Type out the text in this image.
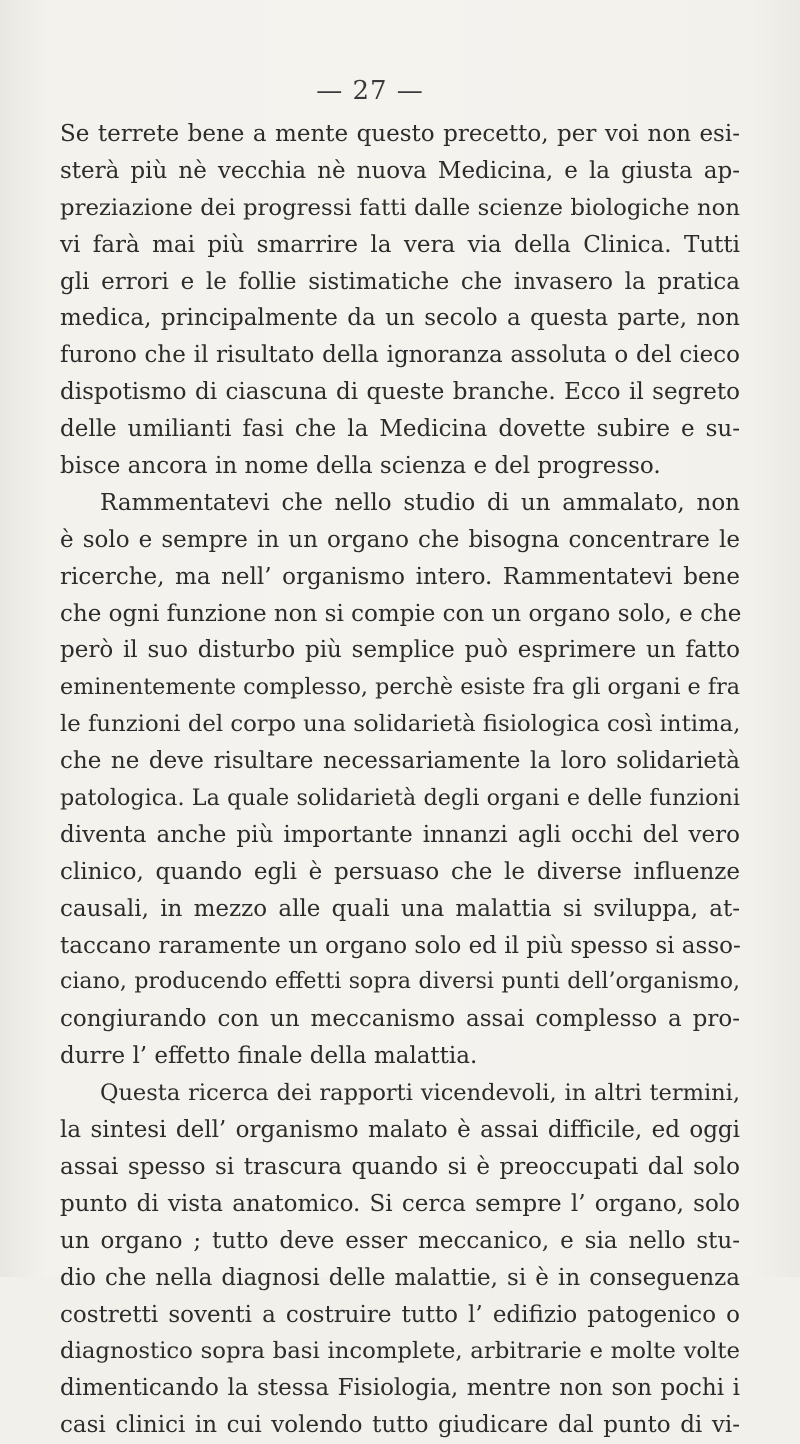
— 27 —
Se terrete bene a mente questo precetto, per voi non esi-
sterà più nè vecchia nè nuova Medicina, e la giusta ap-
preziazione dei progressi fatti dalle scienze biologiche non
vi farà mai più smarrire la vera via della Clinica. Tutti
gli errori e le follie sistimatiche che invasero la pratica
medica, principalmente da un secolo a questa parte, non
furono che il risultato della ignoranza assoluta o del cieco
dispotismo di ciascuna di queste branche. Ecco il segreto
delle umilianti fasi che la Medicina dovette subire e su-
bisce ancora in nome della scienza e del progresso.
Rammentatevi che nello studio di un ammalato, non
è solo e sempre in un organo che bisogna concentrare le
ricerche, ma nell’ organismo intero. Rammentatevi bene
che ogni funzione non si compie con un organo solo, e che
però il suo disturbo più semplice può esprimere un fatto
eminentemente complesso, perchè esiste fra gli organi e fra
le funzioni del corpo una solidarietà fisiologica così intima,
che ne deve risultare necessariamente la loro solidarietà
patologica. La quale solidarietà degli organi e delle funzioni
diventa anche più importante innanzi agli occhi del vero
clinico, quando egli è persuaso che le diverse influenze
causali, in mezzo alle quali una malattia si sviluppa, at-
taccano raramente un organo solo ed il più spesso si asso-
ciano, producendo effetti sopra diversi punti dell’organismo,
congiurando con un meccanismo assai complesso a pro-
durre l’ effetto finale della malattia.
Questa ricerca dei rapporti vicendevoli, in altri termini,
la sintesi dell’ organismo malato è assai difficile, ed oggi
assai spesso si trascura quando si è preoccupati dal solo
punto di vista anatomico. Si cerca sempre l’ organo, solo
un organo ; tutto deve esser meccanico, e sia nello stu-
dio che nella diagnosi delle malattie, si è in conseguenza
costretti soventi a costruire tutto l’ edifizio patogenico o
diagnostico sopra basi incomplete, arbitrarie e molte volte
dimenticando la stessa Fisiologia, mentre non son pochi i
casi clinici in cui volendo tutto giudicare dal punto di vi-
